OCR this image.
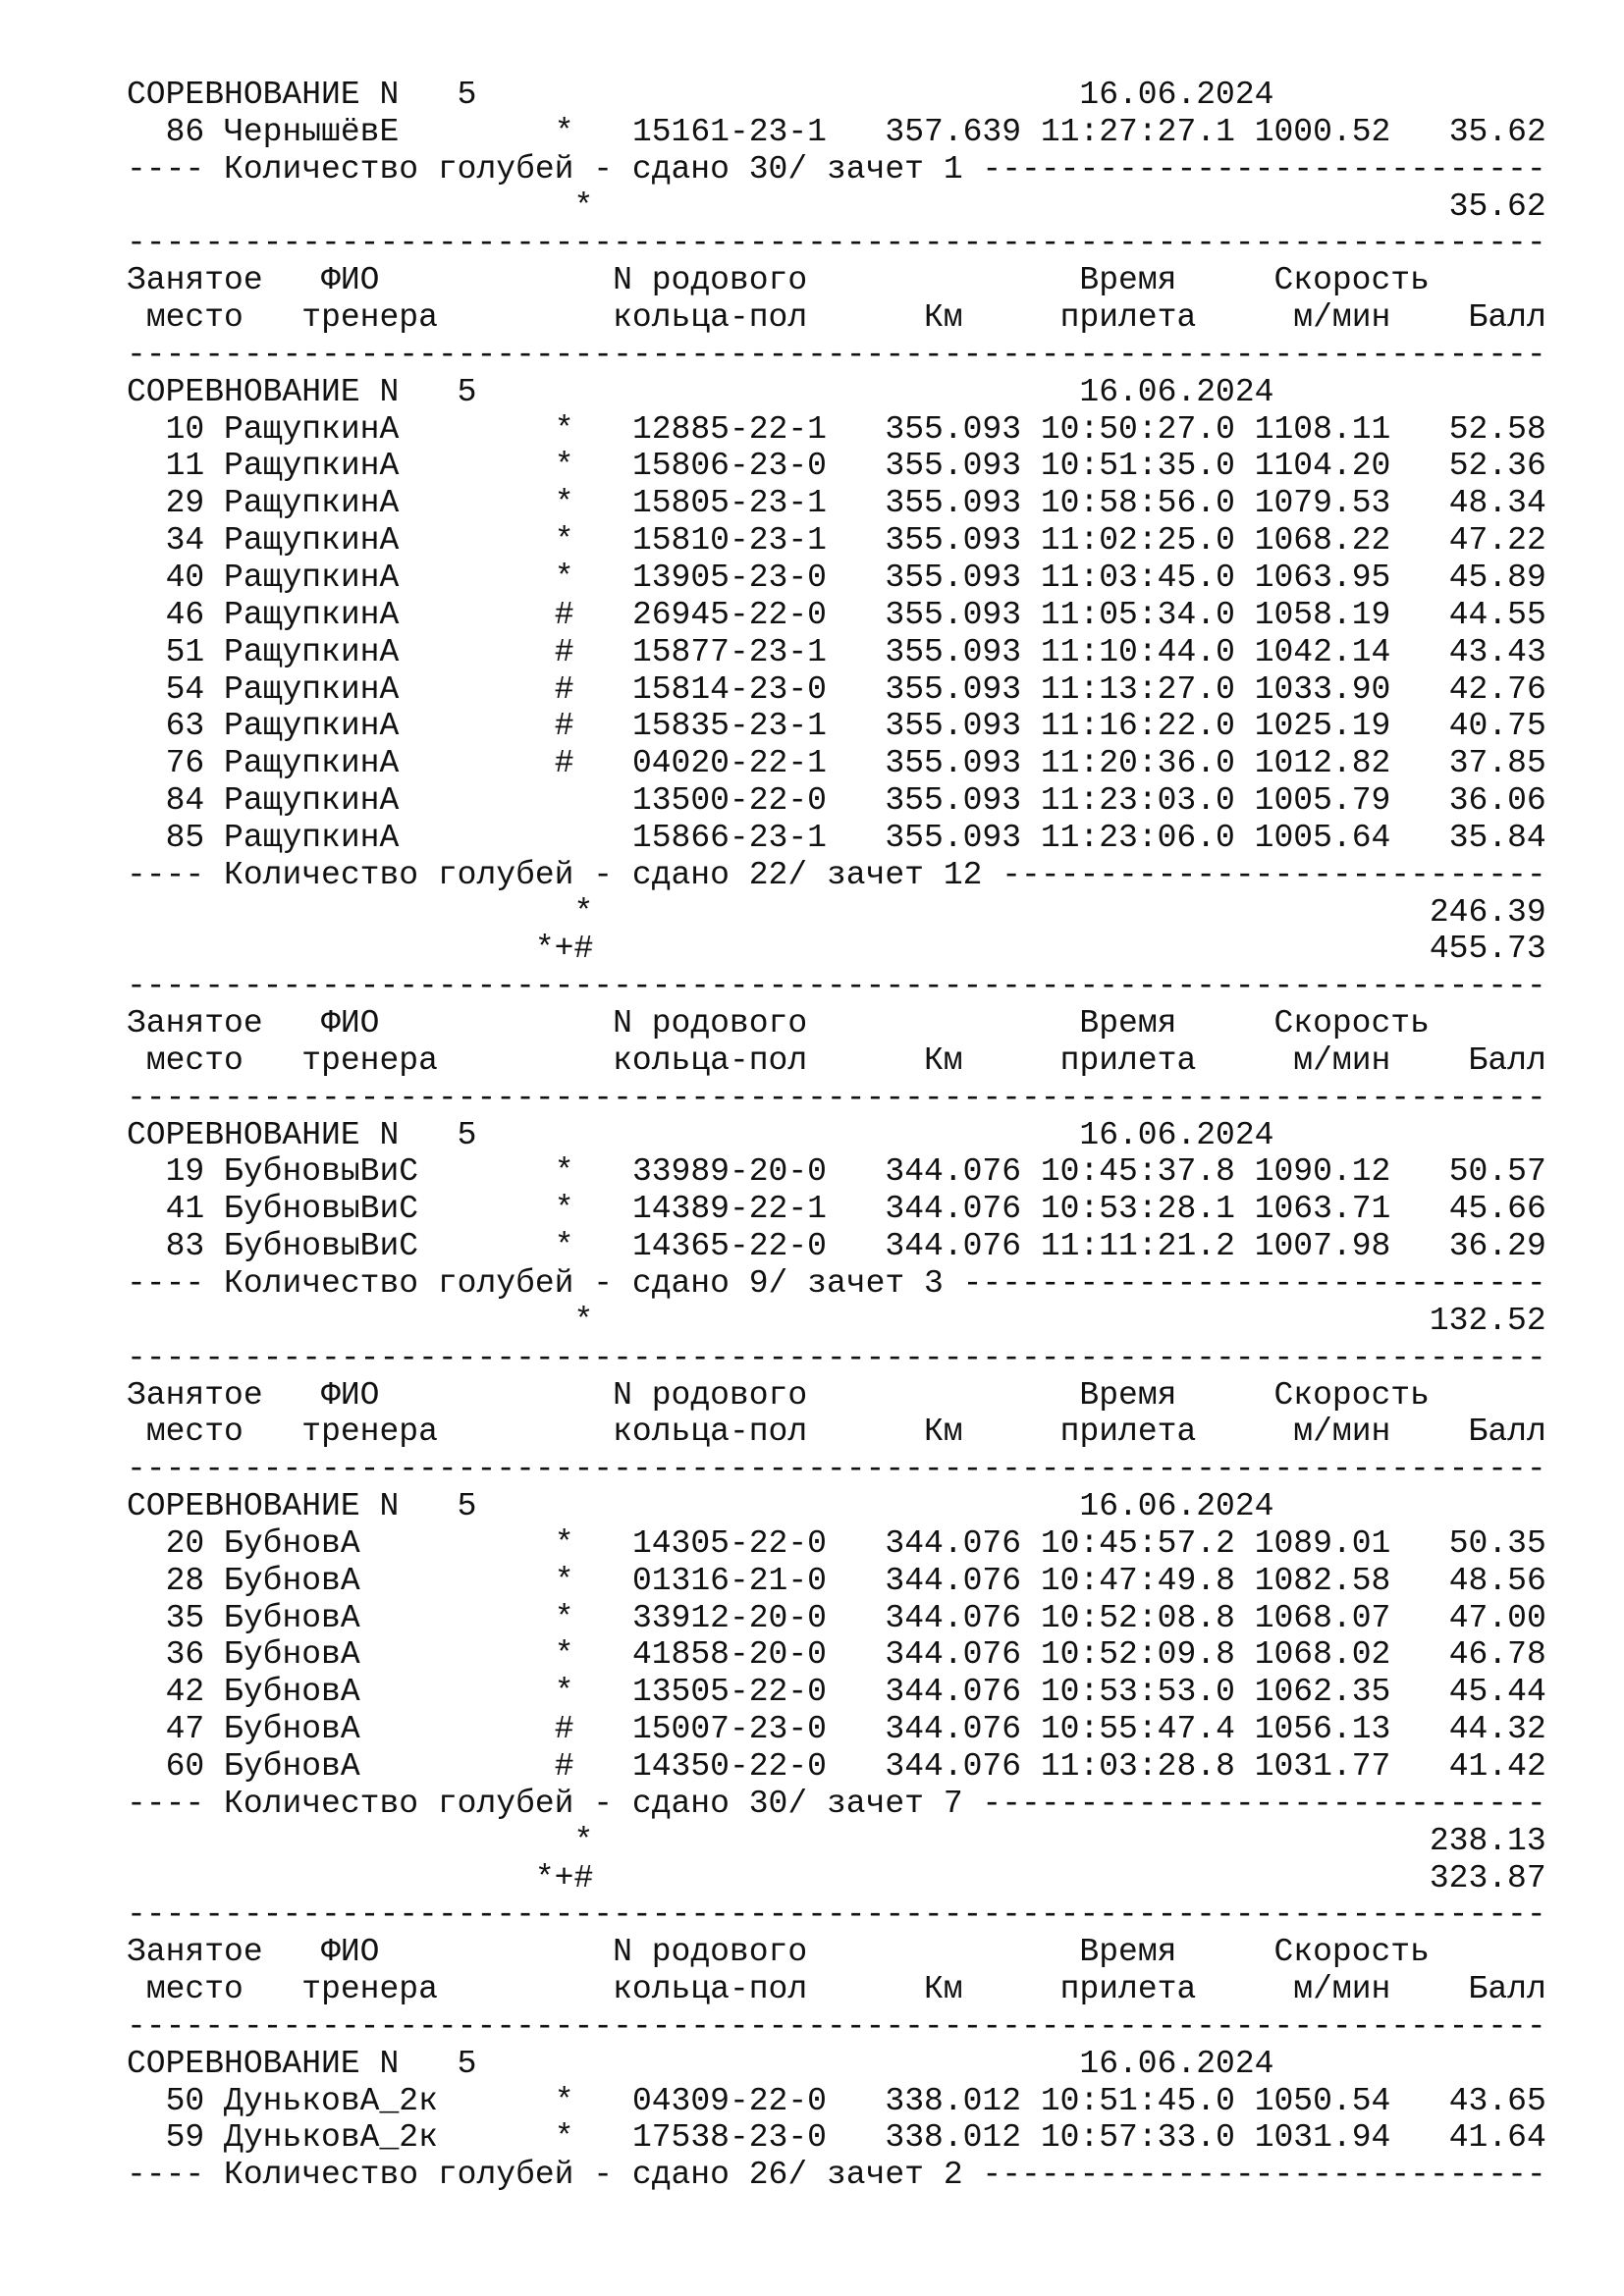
СОРЕВНОВАНИЕ N 5	16.06.2024
86 ЧернышёвЕ	* 15161-23-1 357.639 11:27:27.1 1000.52 35.62
---- Количество голубей - сдано 30/ зачет 1 -----------------------------
*	35.62
-------------------------------------------------------------------------
Занятое ФИО	N родового	Время	Скорость
место тренера	кольца-пол	Км	прилета	м/мин Балл
-------------------------------------------------------------------------
СОРЕВНОВАНИЕ N 5	16.06.2024
10 РащупкинА	* 12885-22-1 355.093 10:50:27.0 1108.11 52.58
11 РащупкинА	* 15806-23-0 355.093 10:51:35.0 1104.20 52.36
29 РащупкинА	* 15805-23-1 355.093 10:58:56.0 1079.53 48.34
34 РащупкинА	* 15810-23-1 355.093 11:02:25.0 1068.22 47.22
40 РащупкинА	* 13905-23-0 355.093 11:03:45.0 1063.95 45.89
46 РащупкинА	# 26945-22-0 355.093 11:05:34.0 1058.19 44.55
51 РащупкинА	# 15877-23-1 355.093 11:10:44.0 1042.14 43.43
54 РащупкинА	# 15814-23-0 355.093 11:13:27.0 1033.90 42.76
63 РащупкинА	# 15835-23-1 355.093 11:16:22.0 1025.19 40.75
76 РащупкинА	# 04020-22-1 355.093 11:20:36.0 1012.82 37.85
84 РащупкинА	13500-22-0 355.093 11:23:03.0 1005.79 36.06
85 РащупкинА	15866-23-1 355.093 11:23:06.0 1005.64 35.84
---- Количество голубей - сдано 22/ зачет 12 ----------------------------
*	246.39
*+#	455.73
-------------------------------------------------------------------------
Занятое ФИО	N родового	Время	Скорость
место тренера	кольца-пол	Км	прилета	м/мин Балл
-------------------------------------------------------------------------
СОРЕВНОВАНИЕ N 5	16.06.2024
19 БубновыВиС	* 33989-20-0 344.076 10:45:37.8 1090.12 50.57
41 БубновыВиС	* 14389-22-1 344.076 10:53:28.1 1063.71 45.66
83 БубновыВиС	* 14365-22-0 344.076 11:11:21.2 1007.98 36.29
---- Количество голубей - сдано 9/ зачет 3 ------------------------------
*	132.52
-------------------------------------------------------------------------
Занятое ФИО	N родового	Время	Скорость
место тренера	кольца-пол	Км	прилета	м/мин Балл
-------------------------------------------------------------------------
СОРЕВНОВАНИЕ N 5	16.06.2024
20 БубновА	* 14305-22-0 344.076 10:45:57.2 1089.01 50.35
28 БубновА	* 01316-21-0 344.076 10:47:49.8 1082.58 48.56
35 БубновА	* 33912-20-0 344.076 10:52:08.8 1068.07 47.00
36 БубновА	* 41858-20-0 344.076 10:52:09.8 1068.02 46.78
42 БубновА	* 13505-22-0 344.076 10:53:53.0 1062.35 45.44
47 БубновА	# 15007-23-0 344.076 10:55:47.4 1056.13 44.32
60 БубновА	# 14350-22-0 344.076 11:03:28.8 1031.77 41.42
---- Количество голубей - сдано 30/ зачет 7 -----------------------------
*	238.13
*+#	323.87
-------------------------------------------------------------------------
Занятое ФИО	N родового	Время	Скорость
место тренера	кольца-пол	Км	прилета	м/мин Балл
-------------------------------------------------------------------------
СОРЕВНОВАНИЕ N 5	16.06.2024
50 ДуньковА_2к	* 04309-22-0 338.012 10:51:45.0 1050.54 43.65
59 ДуньковА_2к	* 17538-23-0 338.012 10:57:33.0 1031.94 41.64
---- Количество голубей - сдано 26/ зачет 2 -----------------------------
